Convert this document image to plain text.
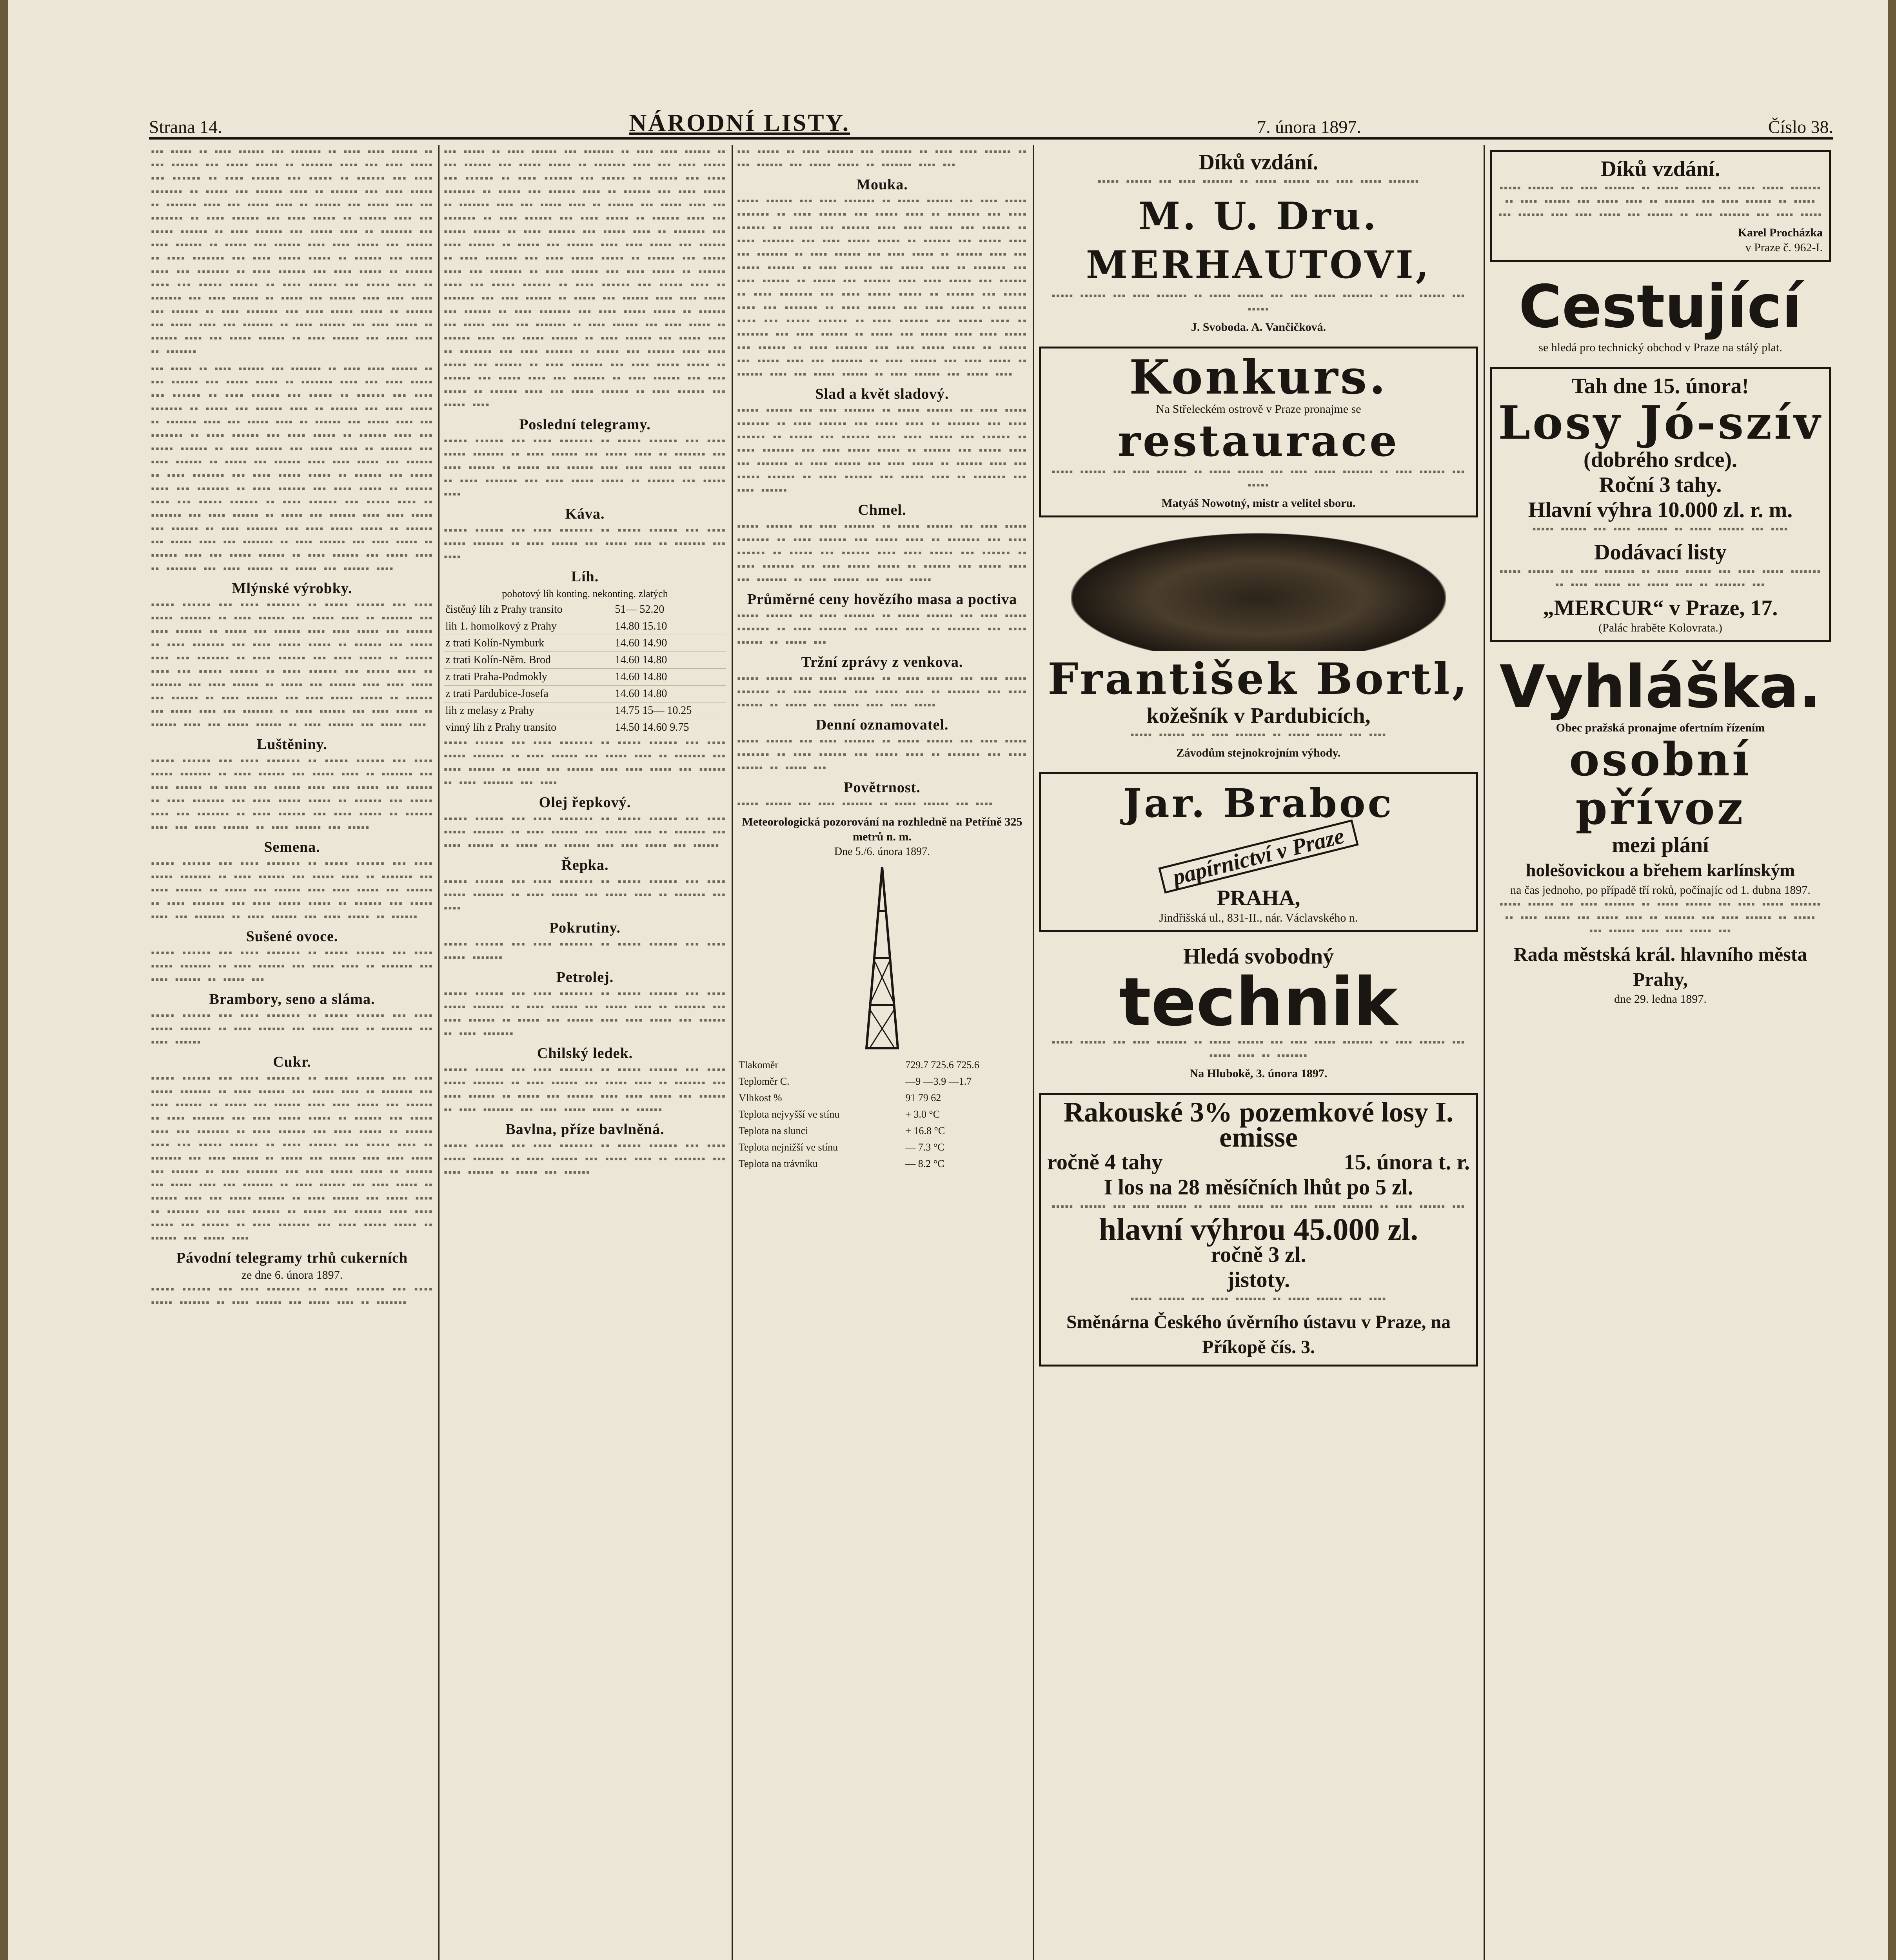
Strana 14.	NÁRODNÍ LISTY.	7. února 1897.	Číslo 38.
▪▪▪ ▪▪▪▪▪ ▪▪ ▪▪▪▪ ▪▪▪▪▪▪ ▪▪▪ ▪▪▪▪▪▪▪ ▪▪ ▪▪▪▪ ▪▪▪▪ ▪▪▪▪▪▪ ▪▪ ▪▪▪ ▪▪▪▪▪▪ ▪▪▪ ▪▪▪▪▪ ▪▪▪▪▪ ▪▪ ▪▪▪▪▪▪▪ ▪▪▪▪ ▪▪▪ ▪▪▪▪ ▪▪▪▪▪ ▪▪▪ ▪▪▪▪▪▪ ▪▪ ▪▪▪▪ ▪▪▪▪▪▪ ▪▪▪ ▪▪▪▪▪ ▪▪ ▪▪▪▪▪▪ ▪▪▪ ▪▪▪▪ ▪▪▪▪▪▪▪ ▪▪ ▪▪▪▪▪ ▪▪▪ ▪▪▪▪▪▪ ▪▪▪▪ ▪▪ ▪▪▪▪▪▪ ▪▪▪ ▪▪▪▪ ▪▪▪▪▪ ▪▪ ▪▪▪▪▪▪▪ ▪▪▪▪ ▪▪▪ ▪▪▪▪▪ ▪▪▪▪ ▪▪ ▪▪▪▪▪▪ ▪▪▪ ▪▪▪▪▪ ▪▪▪▪ ▪▪▪ ▪▪▪▪▪▪▪ ▪▪ ▪▪▪▪ ▪▪▪▪▪▪ ▪▪▪ ▪▪▪▪ ▪▪▪▪▪ ▪▪ ▪▪▪▪▪▪ ▪▪▪▪ ▪▪▪ ▪▪▪▪▪ ▪▪▪▪▪▪ ▪▪ ▪▪▪▪ ▪▪▪▪▪▪ ▪▪▪ ▪▪▪▪▪ ▪▪▪▪ ▪▪ ▪▪▪▪▪▪▪ ▪▪▪ ▪▪▪▪ ▪▪▪▪▪▪ ▪▪ ▪▪▪▪▪ ▪▪▪ ▪▪▪▪▪▪ ▪▪▪▪ ▪▪▪▪ ▪▪▪▪▪ ▪▪▪ ▪▪▪▪▪▪ ▪▪ ▪▪▪▪ ▪▪▪▪▪▪▪ ▪▪▪ ▪▪▪▪ ▪▪▪▪▪ ▪▪▪▪▪ ▪▪ ▪▪▪▪▪▪ ▪▪▪ ▪▪▪▪▪ ▪▪▪▪ ▪▪▪ ▪▪▪▪▪▪▪ ▪▪ ▪▪▪▪ ▪▪▪▪▪▪ ▪▪▪ ▪▪▪▪ ▪▪▪▪▪ ▪▪ ▪▪▪▪▪▪ ▪▪▪▪ ▪▪▪ ▪▪▪▪▪ ▪▪▪▪▪▪ ▪▪ ▪▪▪▪ ▪▪▪▪▪▪ ▪▪▪ ▪▪▪▪▪ ▪▪▪▪ ▪▪ ▪▪▪▪▪▪▪ ▪▪▪ ▪▪▪▪ ▪▪▪▪▪▪ ▪▪ ▪▪▪▪▪ ▪▪▪ ▪▪▪▪▪▪ ▪▪▪▪ ▪▪▪▪ ▪▪▪▪▪ ▪▪▪ ▪▪▪▪▪▪ ▪▪ ▪▪▪▪ ▪▪▪▪▪▪▪ ▪▪▪ ▪▪▪▪ ▪▪▪▪▪ ▪▪▪▪▪ ▪▪ ▪▪▪▪▪▪ ▪▪▪ ▪▪▪▪▪ ▪▪▪▪ ▪▪▪ ▪▪▪▪▪▪▪ ▪▪ ▪▪▪▪ ▪▪▪▪▪▪ ▪▪▪ ▪▪▪▪ ▪▪▪▪▪ ▪▪ ▪▪▪▪▪▪ ▪▪▪▪ ▪▪▪ ▪▪▪▪▪ ▪▪▪▪▪▪ ▪▪ ▪▪▪▪ ▪▪▪▪▪▪ ▪▪▪ ▪▪▪▪▪ ▪▪▪▪ ▪▪ ▪▪▪▪▪▪▪
▪▪▪ ▪▪▪▪▪ ▪▪ ▪▪▪▪ ▪▪▪▪▪▪ ▪▪▪ ▪▪▪▪▪▪▪ ▪▪ ▪▪▪▪ ▪▪▪▪ ▪▪▪▪▪▪ ▪▪ ▪▪▪ ▪▪▪▪▪▪ ▪▪▪ ▪▪▪▪▪ ▪▪▪▪▪ ▪▪ ▪▪▪▪▪▪▪ ▪▪▪▪ ▪▪▪ ▪▪▪▪ ▪▪▪▪▪ ▪▪▪ ▪▪▪▪▪▪ ▪▪ ▪▪▪▪ ▪▪▪▪▪▪ ▪▪▪ ▪▪▪▪▪ ▪▪ ▪▪▪▪▪▪ ▪▪▪ ▪▪▪▪ ▪▪▪▪▪▪▪ ▪▪ ▪▪▪▪▪ ▪▪▪ ▪▪▪▪▪▪ ▪▪▪▪ ▪▪ ▪▪▪▪▪▪ ▪▪▪ ▪▪▪▪ ▪▪▪▪▪ ▪▪ ▪▪▪▪▪▪▪ ▪▪▪▪ ▪▪▪ ▪▪▪▪▪ ▪▪▪▪ ▪▪ ▪▪▪▪▪▪ ▪▪▪ ▪▪▪▪▪ ▪▪▪▪ ▪▪▪ ▪▪▪▪▪▪▪ ▪▪ ▪▪▪▪ ▪▪▪▪▪▪ ▪▪▪ ▪▪▪▪ ▪▪▪▪▪ ▪▪ ▪▪▪▪▪▪ ▪▪▪▪ ▪▪▪ ▪▪▪▪▪ ▪▪▪▪▪▪ ▪▪ ▪▪▪▪ ▪▪▪▪▪▪ ▪▪▪ ▪▪▪▪▪ ▪▪▪▪ ▪▪ ▪▪▪▪▪▪▪ ▪▪▪ ▪▪▪▪ ▪▪▪▪▪▪ ▪▪ ▪▪▪▪▪ ▪▪▪ ▪▪▪▪▪▪ ▪▪▪▪ ▪▪▪▪ ▪▪▪▪▪ ▪▪▪ ▪▪▪▪▪▪ ▪▪ ▪▪▪▪ ▪▪▪▪▪▪▪ ▪▪▪ ▪▪▪▪ ▪▪▪▪▪ ▪▪▪▪▪ ▪▪ ▪▪▪▪▪▪ ▪▪▪ ▪▪▪▪▪ ▪▪▪▪ ▪▪▪ ▪▪▪▪▪▪▪ ▪▪ ▪▪▪▪ ▪▪▪▪▪▪ ▪▪▪ ▪▪▪▪ ▪▪▪▪▪ ▪▪ ▪▪▪▪▪▪ ▪▪▪▪ ▪▪▪ ▪▪▪▪▪ ▪▪▪▪▪▪ ▪▪ ▪▪▪▪ ▪▪▪▪▪▪ ▪▪▪ ▪▪▪▪▪ ▪▪▪▪ ▪▪ ▪▪▪▪▪▪▪ ▪▪▪ ▪▪▪▪ ▪▪▪▪▪▪ ▪▪ ▪▪▪▪▪ ▪▪▪ ▪▪▪▪▪▪ ▪▪▪▪ ▪▪▪▪ ▪▪▪▪▪ ▪▪▪ ▪▪▪▪▪▪ ▪▪ ▪▪▪▪ ▪▪▪▪▪▪▪ ▪▪▪ ▪▪▪▪ ▪▪▪▪▪ ▪▪▪▪▪ ▪▪ ▪▪▪▪▪▪ ▪▪▪ ▪▪▪▪▪ ▪▪▪▪ ▪▪▪ ▪▪▪▪▪▪▪ ▪▪ ▪▪▪▪ ▪▪▪▪▪▪ ▪▪▪ ▪▪▪▪ ▪▪▪▪▪ ▪▪ ▪▪▪▪▪▪ ▪▪▪▪ ▪▪▪ ▪▪▪▪▪ ▪▪▪▪▪▪ ▪▪ ▪▪▪▪ ▪▪▪▪▪▪ ▪▪▪ ▪▪▪▪▪ ▪▪▪▪ ▪▪ ▪▪▪▪▪▪▪ ▪▪▪ ▪▪▪▪ ▪▪▪▪▪▪ ▪▪ ▪▪▪▪▪ ▪▪▪ ▪▪▪▪▪▪ ▪▪▪▪
Mlýnské výrobky.
▪▪▪▪▪ ▪▪▪▪▪▪ ▪▪▪ ▪▪▪▪ ▪▪▪▪▪▪▪ ▪▪ ▪▪▪▪▪ ▪▪▪▪▪▪ ▪▪▪ ▪▪▪▪ ▪▪▪▪▪ ▪▪▪▪▪▪▪ ▪▪ ▪▪▪▪ ▪▪▪▪▪▪ ▪▪▪ ▪▪▪▪▪ ▪▪▪▪ ▪▪ ▪▪▪▪▪▪▪ ▪▪▪ ▪▪▪▪ ▪▪▪▪▪▪ ▪▪ ▪▪▪▪▪ ▪▪▪ ▪▪▪▪▪▪ ▪▪▪▪ ▪▪▪▪ ▪▪▪▪▪ ▪▪▪ ▪▪▪▪▪▪ ▪▪ ▪▪▪▪ ▪▪▪▪▪▪▪ ▪▪▪ ▪▪▪▪ ▪▪▪▪▪ ▪▪▪▪▪ ▪▪ ▪▪▪▪▪▪ ▪▪▪ ▪▪▪▪▪ ▪▪▪▪ ▪▪▪ ▪▪▪▪▪▪▪ ▪▪ ▪▪▪▪ ▪▪▪▪▪▪ ▪▪▪ ▪▪▪▪ ▪▪▪▪▪ ▪▪ ▪▪▪▪▪▪ ▪▪▪▪ ▪▪▪ ▪▪▪▪▪ ▪▪▪▪▪▪ ▪▪ ▪▪▪▪ ▪▪▪▪▪▪ ▪▪▪ ▪▪▪▪▪ ▪▪▪▪ ▪▪ ▪▪▪▪▪▪▪ ▪▪▪ ▪▪▪▪ ▪▪▪▪▪▪ ▪▪ ▪▪▪▪▪ ▪▪▪ ▪▪▪▪▪▪ ▪▪▪▪ ▪▪▪▪ ▪▪▪▪▪ ▪▪▪ ▪▪▪▪▪▪ ▪▪ ▪▪▪▪ ▪▪▪▪▪▪▪ ▪▪▪ ▪▪▪▪ ▪▪▪▪▪ ▪▪▪▪▪ ▪▪ ▪▪▪▪▪▪ ▪▪▪ ▪▪▪▪▪ ▪▪▪▪ ▪▪▪ ▪▪▪▪▪▪▪ ▪▪ ▪▪▪▪ ▪▪▪▪▪▪ ▪▪▪ ▪▪▪▪ ▪▪▪▪▪ ▪▪ ▪▪▪▪▪▪ ▪▪▪▪ ▪▪▪ ▪▪▪▪▪ ▪▪▪▪▪▪ ▪▪ ▪▪▪▪ ▪▪▪▪▪▪ ▪▪▪ ▪▪▪▪▪ ▪▪▪▪
Luštěniny.
▪▪▪▪▪ ▪▪▪▪▪▪ ▪▪▪ ▪▪▪▪ ▪▪▪▪▪▪▪ ▪▪ ▪▪▪▪▪ ▪▪▪▪▪▪ ▪▪▪ ▪▪▪▪ ▪▪▪▪▪ ▪▪▪▪▪▪▪ ▪▪ ▪▪▪▪ ▪▪▪▪▪▪ ▪▪▪ ▪▪▪▪▪ ▪▪▪▪ ▪▪ ▪▪▪▪▪▪▪ ▪▪▪ ▪▪▪▪ ▪▪▪▪▪▪ ▪▪ ▪▪▪▪▪ ▪▪▪ ▪▪▪▪▪▪ ▪▪▪▪ ▪▪▪▪ ▪▪▪▪▪ ▪▪▪ ▪▪▪▪▪▪ ▪▪ ▪▪▪▪ ▪▪▪▪▪▪▪ ▪▪▪ ▪▪▪▪ ▪▪▪▪▪ ▪▪▪▪▪ ▪▪ ▪▪▪▪▪▪ ▪▪▪ ▪▪▪▪▪ ▪▪▪▪ ▪▪▪ ▪▪▪▪▪▪▪ ▪▪ ▪▪▪▪ ▪▪▪▪▪▪ ▪▪▪ ▪▪▪▪ ▪▪▪▪▪ ▪▪ ▪▪▪▪▪▪ ▪▪▪▪ ▪▪▪ ▪▪▪▪▪ ▪▪▪▪▪▪ ▪▪ ▪▪▪▪ ▪▪▪▪▪▪ ▪▪▪ ▪▪▪▪▪
Semena.
▪▪▪▪▪ ▪▪▪▪▪▪ ▪▪▪ ▪▪▪▪ ▪▪▪▪▪▪▪ ▪▪ ▪▪▪▪▪ ▪▪▪▪▪▪ ▪▪▪ ▪▪▪▪ ▪▪▪▪▪ ▪▪▪▪▪▪▪ ▪▪ ▪▪▪▪ ▪▪▪▪▪▪ ▪▪▪ ▪▪▪▪▪ ▪▪▪▪ ▪▪ ▪▪▪▪▪▪▪ ▪▪▪ ▪▪▪▪ ▪▪▪▪▪▪ ▪▪ ▪▪▪▪▪ ▪▪▪ ▪▪▪▪▪▪ ▪▪▪▪ ▪▪▪▪ ▪▪▪▪▪ ▪▪▪ ▪▪▪▪▪▪ ▪▪ ▪▪▪▪ ▪▪▪▪▪▪▪ ▪▪▪ ▪▪▪▪ ▪▪▪▪▪ ▪▪▪▪▪ ▪▪ ▪▪▪▪▪▪ ▪▪▪ ▪▪▪▪▪ ▪▪▪▪ ▪▪▪ ▪▪▪▪▪▪▪ ▪▪ ▪▪▪▪ ▪▪▪▪▪▪ ▪▪▪ ▪▪▪▪ ▪▪▪▪▪ ▪▪ ▪▪▪▪▪▪
Sušené ovoce.
▪▪▪▪▪ ▪▪▪▪▪▪ ▪▪▪ ▪▪▪▪ ▪▪▪▪▪▪▪ ▪▪ ▪▪▪▪▪ ▪▪▪▪▪▪ ▪▪▪ ▪▪▪▪ ▪▪▪▪▪ ▪▪▪▪▪▪▪ ▪▪ ▪▪▪▪ ▪▪▪▪▪▪ ▪▪▪ ▪▪▪▪▪ ▪▪▪▪ ▪▪ ▪▪▪▪▪▪▪ ▪▪▪ ▪▪▪▪ ▪▪▪▪▪▪ ▪▪ ▪▪▪▪▪ ▪▪▪
Brambory, seno a sláma.
▪▪▪▪▪ ▪▪▪▪▪▪ ▪▪▪ ▪▪▪▪ ▪▪▪▪▪▪▪ ▪▪ ▪▪▪▪▪ ▪▪▪▪▪▪ ▪▪▪ ▪▪▪▪ ▪▪▪▪▪ ▪▪▪▪▪▪▪ ▪▪ ▪▪▪▪ ▪▪▪▪▪▪ ▪▪▪ ▪▪▪▪▪ ▪▪▪▪ ▪▪ ▪▪▪▪▪▪▪ ▪▪▪ ▪▪▪▪ ▪▪▪▪▪▪
Cukr.
▪▪▪▪▪ ▪▪▪▪▪▪ ▪▪▪ ▪▪▪▪ ▪▪▪▪▪▪▪ ▪▪ ▪▪▪▪▪ ▪▪▪▪▪▪ ▪▪▪ ▪▪▪▪ ▪▪▪▪▪ ▪▪▪▪▪▪▪ ▪▪ ▪▪▪▪ ▪▪▪▪▪▪ ▪▪▪ ▪▪▪▪▪ ▪▪▪▪ ▪▪ ▪▪▪▪▪▪▪ ▪▪▪ ▪▪▪▪ ▪▪▪▪▪▪ ▪▪ ▪▪▪▪▪ ▪▪▪ ▪▪▪▪▪▪ ▪▪▪▪ ▪▪▪▪ ▪▪▪▪▪ ▪▪▪ ▪▪▪▪▪▪ ▪▪ ▪▪▪▪ ▪▪▪▪▪▪▪ ▪▪▪ ▪▪▪▪ ▪▪▪▪▪ ▪▪▪▪▪ ▪▪ ▪▪▪▪▪▪ ▪▪▪ ▪▪▪▪▪ ▪▪▪▪ ▪▪▪ ▪▪▪▪▪▪▪ ▪▪ ▪▪▪▪ ▪▪▪▪▪▪ ▪▪▪ ▪▪▪▪ ▪▪▪▪▪ ▪▪ ▪▪▪▪▪▪ ▪▪▪▪ ▪▪▪ ▪▪▪▪▪ ▪▪▪▪▪▪ ▪▪ ▪▪▪▪ ▪▪▪▪▪▪ ▪▪▪ ▪▪▪▪▪ ▪▪▪▪ ▪▪ ▪▪▪▪▪▪▪ ▪▪▪ ▪▪▪▪ ▪▪▪▪▪▪ ▪▪ ▪▪▪▪▪ ▪▪▪ ▪▪▪▪▪▪ ▪▪▪▪ ▪▪▪▪ ▪▪▪▪▪ ▪▪▪ ▪▪▪▪▪▪ ▪▪ ▪▪▪▪ ▪▪▪▪▪▪▪ ▪▪▪ ▪▪▪▪ ▪▪▪▪▪ ▪▪▪▪▪ ▪▪ ▪▪▪▪▪▪ ▪▪▪ ▪▪▪▪▪ ▪▪▪▪ ▪▪▪ ▪▪▪▪▪▪▪ ▪▪ ▪▪▪▪ ▪▪▪▪▪▪ ▪▪▪ ▪▪▪▪ ▪▪▪▪▪ ▪▪ ▪▪▪▪▪▪ ▪▪▪▪ ▪▪▪ ▪▪▪▪▪ ▪▪▪▪▪▪ ▪▪ ▪▪▪▪ ▪▪▪▪▪▪ ▪▪▪ ▪▪▪▪▪ ▪▪▪▪ ▪▪ ▪▪▪▪▪▪▪ ▪▪▪ ▪▪▪▪ ▪▪▪▪▪▪ ▪▪ ▪▪▪▪▪ ▪▪▪ ▪▪▪▪▪▪ ▪▪▪▪ ▪▪▪▪ ▪▪▪▪▪ ▪▪▪ ▪▪▪▪▪▪ ▪▪ ▪▪▪▪ ▪▪▪▪▪▪▪ ▪▪▪ ▪▪▪▪ ▪▪▪▪▪ ▪▪▪▪▪ ▪▪ ▪▪▪▪▪▪ ▪▪▪ ▪▪▪▪▪ ▪▪▪▪
Pávodní telegramy trhů cukerních
ze dne 6. února 1897.
▪▪▪▪▪ ▪▪▪▪▪▪ ▪▪▪ ▪▪▪▪ ▪▪▪▪▪▪▪ ▪▪ ▪▪▪▪▪ ▪▪▪▪▪▪ ▪▪▪ ▪▪▪▪ ▪▪▪▪▪ ▪▪▪▪▪▪▪ ▪▪ ▪▪▪▪ ▪▪▪▪▪▪ ▪▪▪ ▪▪▪▪▪ ▪▪▪▪ ▪▪ ▪▪▪▪▪▪▪
▪▪▪ ▪▪▪▪▪ ▪▪ ▪▪▪▪ ▪▪▪▪▪▪ ▪▪▪ ▪▪▪▪▪▪▪ ▪▪ ▪▪▪▪ ▪▪▪▪ ▪▪▪▪▪▪ ▪▪ ▪▪▪ ▪▪▪▪▪▪ ▪▪▪ ▪▪▪▪▪ ▪▪▪▪▪ ▪▪ ▪▪▪▪▪▪▪ ▪▪▪▪ ▪▪▪ ▪▪▪▪ ▪▪▪▪▪ ▪▪▪ ▪▪▪▪▪▪ ▪▪ ▪▪▪▪ ▪▪▪▪▪▪ ▪▪▪ ▪▪▪▪▪ ▪▪ ▪▪▪▪▪▪ ▪▪▪ ▪▪▪▪ ▪▪▪▪▪▪▪ ▪▪ ▪▪▪▪▪ ▪▪▪ ▪▪▪▪▪▪ ▪▪▪▪ ▪▪ ▪▪▪▪▪▪ ▪▪▪ ▪▪▪▪ ▪▪▪▪▪ ▪▪ ▪▪▪▪▪▪▪ ▪▪▪▪ ▪▪▪ ▪▪▪▪▪ ▪▪▪▪ ▪▪ ▪▪▪▪▪▪ ▪▪▪ ▪▪▪▪▪ ▪▪▪▪ ▪▪▪ ▪▪▪▪▪▪▪ ▪▪ ▪▪▪▪ ▪▪▪▪▪▪ ▪▪▪ ▪▪▪▪ ▪▪▪▪▪ ▪▪ ▪▪▪▪▪▪ ▪▪▪▪ ▪▪▪ ▪▪▪▪▪ ▪▪▪▪▪▪ ▪▪ ▪▪▪▪ ▪▪▪▪▪▪ ▪▪▪ ▪▪▪▪▪ ▪▪▪▪ ▪▪ ▪▪▪▪▪▪▪ ▪▪▪ ▪▪▪▪ ▪▪▪▪▪▪ ▪▪ ▪▪▪▪▪ ▪▪▪ ▪▪▪▪▪▪ ▪▪▪▪ ▪▪▪▪ ▪▪▪▪▪ ▪▪▪ ▪▪▪▪▪▪ ▪▪ ▪▪▪▪ ▪▪▪▪▪▪▪ ▪▪▪ ▪▪▪▪ ▪▪▪▪▪ ▪▪▪▪▪ ▪▪ ▪▪▪▪▪▪ ▪▪▪ ▪▪▪▪▪ ▪▪▪▪ ▪▪▪ ▪▪▪▪▪▪▪ ▪▪ ▪▪▪▪ ▪▪▪▪▪▪ ▪▪▪ ▪▪▪▪ ▪▪▪▪▪ ▪▪ ▪▪▪▪▪▪ ▪▪▪▪ ▪▪▪ ▪▪▪▪▪ ▪▪▪▪▪▪ ▪▪ ▪▪▪▪ ▪▪▪▪▪▪ ▪▪▪ ▪▪▪▪▪ ▪▪▪▪ ▪▪ ▪▪▪▪▪▪▪ ▪▪▪ ▪▪▪▪ ▪▪▪▪▪▪ ▪▪ ▪▪▪▪▪ ▪▪▪ ▪▪▪▪▪▪ ▪▪▪▪ ▪▪▪▪ ▪▪▪▪▪ ▪▪▪ ▪▪▪▪▪▪ ▪▪ ▪▪▪▪ ▪▪▪▪▪▪▪ ▪▪▪ ▪▪▪▪ ▪▪▪▪▪ ▪▪▪▪▪ ▪▪ ▪▪▪▪▪▪ ▪▪▪ ▪▪▪▪▪ ▪▪▪▪ ▪▪▪ ▪▪▪▪▪▪▪ ▪▪ ▪▪▪▪ ▪▪▪▪▪▪ ▪▪▪ ▪▪▪▪ ▪▪▪▪▪ ▪▪ ▪▪▪▪▪▪ ▪▪▪▪ ▪▪▪ ▪▪▪▪▪ ▪▪▪▪▪▪ ▪▪ ▪▪▪▪ ▪▪▪▪▪▪ ▪▪▪ ▪▪▪▪▪ ▪▪▪▪ ▪▪ ▪▪▪▪▪▪▪ ▪▪▪ ▪▪▪▪ ▪▪▪▪▪▪ ▪▪ ▪▪▪▪▪ ▪▪▪ ▪▪▪▪▪▪ ▪▪▪▪ ▪▪▪▪ ▪▪▪▪▪ ▪▪▪ ▪▪▪▪▪▪ ▪▪ ▪▪▪▪ ▪▪▪▪▪▪▪ ▪▪▪ ▪▪▪▪ ▪▪▪▪▪ ▪▪▪▪▪ ▪▪ ▪▪▪▪▪▪ ▪▪▪ ▪▪▪▪▪ ▪▪▪▪ ▪▪▪ ▪▪▪▪▪▪▪ ▪▪ ▪▪▪▪ ▪▪▪▪▪▪ ▪▪▪ ▪▪▪▪ ▪▪▪▪▪ ▪▪ ▪▪▪▪▪▪ ▪▪▪▪ ▪▪▪ ▪▪▪▪▪ ▪▪▪▪▪▪ ▪▪ ▪▪▪▪ ▪▪▪▪▪▪ ▪▪▪ ▪▪▪▪▪ ▪▪▪▪
Poslední telegramy.
▪▪▪▪▪ ▪▪▪▪▪▪ ▪▪▪ ▪▪▪▪ ▪▪▪▪▪▪▪ ▪▪ ▪▪▪▪▪ ▪▪▪▪▪▪ ▪▪▪ ▪▪▪▪ ▪▪▪▪▪ ▪▪▪▪▪▪▪ ▪▪ ▪▪▪▪ ▪▪▪▪▪▪ ▪▪▪ ▪▪▪▪▪ ▪▪▪▪ ▪▪ ▪▪▪▪▪▪▪ ▪▪▪ ▪▪▪▪ ▪▪▪▪▪▪ ▪▪ ▪▪▪▪▪ ▪▪▪ ▪▪▪▪▪▪ ▪▪▪▪ ▪▪▪▪ ▪▪▪▪▪ ▪▪▪ ▪▪▪▪▪▪ ▪▪ ▪▪▪▪ ▪▪▪▪▪▪▪ ▪▪▪ ▪▪▪▪ ▪▪▪▪▪ ▪▪▪▪▪ ▪▪ ▪▪▪▪▪▪ ▪▪▪ ▪▪▪▪▪ ▪▪▪▪
Káva.
▪▪▪▪▪ ▪▪▪▪▪▪ ▪▪▪ ▪▪▪▪ ▪▪▪▪▪▪▪ ▪▪ ▪▪▪▪▪ ▪▪▪▪▪▪ ▪▪▪ ▪▪▪▪ ▪▪▪▪▪ ▪▪▪▪▪▪▪ ▪▪ ▪▪▪▪ ▪▪▪▪▪▪ ▪▪▪ ▪▪▪▪▪ ▪▪▪▪ ▪▪ ▪▪▪▪▪▪▪ ▪▪▪ ▪▪▪▪
Líh.
pohotový líh konting. nekonting. zlatých
čistěný líh z Prahy transito	51— 52.20
lih 1. homolkový z Prahy	14.80 15.10
z trati Kolín-Nymburk	14.60 14.90
z trati Kolín-Něm. Brod	14.60 14.80
z trati Praha-Podmokly	14.60 14.80
z trati Pardubice-Josefa	14.60 14.80
lih z melasy z Prahy	14.75 15— 10.25
vinný líh z Prahy transito	14.50 14.60 9.75
▪▪▪▪▪ ▪▪▪▪▪▪ ▪▪▪ ▪▪▪▪ ▪▪▪▪▪▪▪ ▪▪ ▪▪▪▪▪ ▪▪▪▪▪▪ ▪▪▪ ▪▪▪▪ ▪▪▪▪▪ ▪▪▪▪▪▪▪ ▪▪ ▪▪▪▪ ▪▪▪▪▪▪ ▪▪▪ ▪▪▪▪▪ ▪▪▪▪ ▪▪ ▪▪▪▪▪▪▪ ▪▪▪ ▪▪▪▪ ▪▪▪▪▪▪ ▪▪ ▪▪▪▪▪ ▪▪▪ ▪▪▪▪▪▪ ▪▪▪▪ ▪▪▪▪ ▪▪▪▪▪ ▪▪▪ ▪▪▪▪▪▪ ▪▪ ▪▪▪▪ ▪▪▪▪▪▪▪ ▪▪▪ ▪▪▪▪
Olej řepkový.
▪▪▪▪▪ ▪▪▪▪▪▪ ▪▪▪ ▪▪▪▪ ▪▪▪▪▪▪▪ ▪▪ ▪▪▪▪▪ ▪▪▪▪▪▪ ▪▪▪ ▪▪▪▪ ▪▪▪▪▪ ▪▪▪▪▪▪▪ ▪▪ ▪▪▪▪ ▪▪▪▪▪▪ ▪▪▪ ▪▪▪▪▪ ▪▪▪▪ ▪▪ ▪▪▪▪▪▪▪ ▪▪▪ ▪▪▪▪ ▪▪▪▪▪▪ ▪▪ ▪▪▪▪▪ ▪▪▪ ▪▪▪▪▪▪ ▪▪▪▪ ▪▪▪▪ ▪▪▪▪▪ ▪▪▪ ▪▪▪▪▪▪
Řepka.
▪▪▪▪▪ ▪▪▪▪▪▪ ▪▪▪ ▪▪▪▪ ▪▪▪▪▪▪▪ ▪▪ ▪▪▪▪▪ ▪▪▪▪▪▪ ▪▪▪ ▪▪▪▪ ▪▪▪▪▪ ▪▪▪▪▪▪▪ ▪▪ ▪▪▪▪ ▪▪▪▪▪▪ ▪▪▪ ▪▪▪▪▪ ▪▪▪▪ ▪▪ ▪▪▪▪▪▪▪ ▪▪▪ ▪▪▪▪
Pokrutiny.
▪▪▪▪▪ ▪▪▪▪▪▪ ▪▪▪ ▪▪▪▪ ▪▪▪▪▪▪▪ ▪▪ ▪▪▪▪▪ ▪▪▪▪▪▪ ▪▪▪ ▪▪▪▪ ▪▪▪▪▪ ▪▪▪▪▪▪▪
Petrolej.
▪▪▪▪▪ ▪▪▪▪▪▪ ▪▪▪ ▪▪▪▪ ▪▪▪▪▪▪▪ ▪▪ ▪▪▪▪▪ ▪▪▪▪▪▪ ▪▪▪ ▪▪▪▪ ▪▪▪▪▪ ▪▪▪▪▪▪▪ ▪▪ ▪▪▪▪ ▪▪▪▪▪▪ ▪▪▪ ▪▪▪▪▪ ▪▪▪▪ ▪▪ ▪▪▪▪▪▪▪ ▪▪▪ ▪▪▪▪ ▪▪▪▪▪▪ ▪▪ ▪▪▪▪▪ ▪▪▪ ▪▪▪▪▪▪ ▪▪▪▪ ▪▪▪▪ ▪▪▪▪▪ ▪▪▪ ▪▪▪▪▪▪ ▪▪ ▪▪▪▪ ▪▪▪▪▪▪▪
Chilský ledek.
▪▪▪▪▪ ▪▪▪▪▪▪ ▪▪▪ ▪▪▪▪ ▪▪▪▪▪▪▪ ▪▪ ▪▪▪▪▪ ▪▪▪▪▪▪ ▪▪▪ ▪▪▪▪ ▪▪▪▪▪ ▪▪▪▪▪▪▪ ▪▪ ▪▪▪▪ ▪▪▪▪▪▪ ▪▪▪ ▪▪▪▪▪ ▪▪▪▪ ▪▪ ▪▪▪▪▪▪▪ ▪▪▪ ▪▪▪▪ ▪▪▪▪▪▪ ▪▪ ▪▪▪▪▪ ▪▪▪ ▪▪▪▪▪▪ ▪▪▪▪ ▪▪▪▪ ▪▪▪▪▪ ▪▪▪ ▪▪▪▪▪▪ ▪▪ ▪▪▪▪ ▪▪▪▪▪▪▪ ▪▪▪ ▪▪▪▪ ▪▪▪▪▪ ▪▪▪▪▪ ▪▪ ▪▪▪▪▪▪
Bavlna, příze bavlněná.
▪▪▪▪▪ ▪▪▪▪▪▪ ▪▪▪ ▪▪▪▪ ▪▪▪▪▪▪▪ ▪▪ ▪▪▪▪▪ ▪▪▪▪▪▪ ▪▪▪ ▪▪▪▪ ▪▪▪▪▪ ▪▪▪▪▪▪▪ ▪▪ ▪▪▪▪ ▪▪▪▪▪▪ ▪▪▪ ▪▪▪▪▪ ▪▪▪▪ ▪▪ ▪▪▪▪▪▪▪ ▪▪▪ ▪▪▪▪ ▪▪▪▪▪▪ ▪▪ ▪▪▪▪▪ ▪▪▪ ▪▪▪▪▪▪
▪▪▪ ▪▪▪▪▪ ▪▪ ▪▪▪▪ ▪▪▪▪▪▪ ▪▪▪ ▪▪▪▪▪▪▪ ▪▪ ▪▪▪▪ ▪▪▪▪ ▪▪▪▪▪▪ ▪▪ ▪▪▪ ▪▪▪▪▪▪ ▪▪▪ ▪▪▪▪▪ ▪▪▪▪▪ ▪▪ ▪▪▪▪▪▪▪ ▪▪▪▪ ▪▪▪
Mouka.
▪▪▪▪▪ ▪▪▪▪▪▪ ▪▪▪ ▪▪▪▪ ▪▪▪▪▪▪▪ ▪▪ ▪▪▪▪▪ ▪▪▪▪▪▪ ▪▪▪ ▪▪▪▪ ▪▪▪▪▪ ▪▪▪▪▪▪▪ ▪▪ ▪▪▪▪ ▪▪▪▪▪▪ ▪▪▪ ▪▪▪▪▪ ▪▪▪▪ ▪▪ ▪▪▪▪▪▪▪ ▪▪▪ ▪▪▪▪ ▪▪▪▪▪▪ ▪▪ ▪▪▪▪▪ ▪▪▪ ▪▪▪▪▪▪ ▪▪▪▪ ▪▪▪▪ ▪▪▪▪▪ ▪▪▪ ▪▪▪▪▪▪ ▪▪ ▪▪▪▪ ▪▪▪▪▪▪▪ ▪▪▪ ▪▪▪▪ ▪▪▪▪▪ ▪▪▪▪▪ ▪▪ ▪▪▪▪▪▪ ▪▪▪ ▪▪▪▪▪ ▪▪▪▪ ▪▪▪ ▪▪▪▪▪▪▪ ▪▪ ▪▪▪▪ ▪▪▪▪▪▪ ▪▪▪ ▪▪▪▪ ▪▪▪▪▪ ▪▪ ▪▪▪▪▪▪ ▪▪▪▪ ▪▪▪ ▪▪▪▪▪ ▪▪▪▪▪▪ ▪▪ ▪▪▪▪ ▪▪▪▪▪▪ ▪▪▪ ▪▪▪▪▪ ▪▪▪▪ ▪▪ ▪▪▪▪▪▪▪ ▪▪▪ ▪▪▪▪ ▪▪▪▪▪▪ ▪▪ ▪▪▪▪▪ ▪▪▪ ▪▪▪▪▪▪ ▪▪▪▪ ▪▪▪▪ ▪▪▪▪▪ ▪▪▪ ▪▪▪▪▪▪ ▪▪ ▪▪▪▪ ▪▪▪▪▪▪▪ ▪▪▪ ▪▪▪▪ ▪▪▪▪▪ ▪▪▪▪▪ ▪▪ ▪▪▪▪▪▪ ▪▪▪ ▪▪▪▪▪ ▪▪▪▪ ▪▪▪ ▪▪▪▪▪▪▪ ▪▪ ▪▪▪▪ ▪▪▪▪▪▪ ▪▪▪ ▪▪▪▪ ▪▪▪▪▪ ▪▪ ▪▪▪▪▪▪ ▪▪▪▪ ▪▪▪ ▪▪▪▪▪ ▪▪▪▪▪▪ ▪▪ ▪▪▪▪ ▪▪▪▪▪▪ ▪▪▪ ▪▪▪▪▪ ▪▪▪▪ ▪▪ ▪▪▪▪▪▪▪ ▪▪▪ ▪▪▪▪ ▪▪▪▪▪▪ ▪▪ ▪▪▪▪▪ ▪▪▪ ▪▪▪▪▪▪ ▪▪▪▪ ▪▪▪▪ ▪▪▪▪▪ ▪▪▪ ▪▪▪▪▪▪ ▪▪ ▪▪▪▪ ▪▪▪▪▪▪▪ ▪▪▪ ▪▪▪▪ ▪▪▪▪▪ ▪▪▪▪▪ ▪▪ ▪▪▪▪▪▪ ▪▪▪ ▪▪▪▪▪ ▪▪▪▪ ▪▪▪ ▪▪▪▪▪▪▪ ▪▪ ▪▪▪▪ ▪▪▪▪▪▪ ▪▪▪ ▪▪▪▪ ▪▪▪▪▪ ▪▪ ▪▪▪▪▪▪ ▪▪▪▪ ▪▪▪ ▪▪▪▪▪ ▪▪▪▪▪▪ ▪▪ ▪▪▪▪ ▪▪▪▪▪▪ ▪▪▪ ▪▪▪▪▪ ▪▪▪▪
Slad a květ sladový.
▪▪▪▪▪ ▪▪▪▪▪▪ ▪▪▪ ▪▪▪▪ ▪▪▪▪▪▪▪ ▪▪ ▪▪▪▪▪ ▪▪▪▪▪▪ ▪▪▪ ▪▪▪▪ ▪▪▪▪▪ ▪▪▪▪▪▪▪ ▪▪ ▪▪▪▪ ▪▪▪▪▪▪ ▪▪▪ ▪▪▪▪▪ ▪▪▪▪ ▪▪ ▪▪▪▪▪▪▪ ▪▪▪ ▪▪▪▪ ▪▪▪▪▪▪ ▪▪ ▪▪▪▪▪ ▪▪▪ ▪▪▪▪▪▪ ▪▪▪▪ ▪▪▪▪ ▪▪▪▪▪ ▪▪▪ ▪▪▪▪▪▪ ▪▪ ▪▪▪▪ ▪▪▪▪▪▪▪ ▪▪▪ ▪▪▪▪ ▪▪▪▪▪ ▪▪▪▪▪ ▪▪ ▪▪▪▪▪▪ ▪▪▪ ▪▪▪▪▪ ▪▪▪▪ ▪▪▪ ▪▪▪▪▪▪▪ ▪▪ ▪▪▪▪ ▪▪▪▪▪▪ ▪▪▪ ▪▪▪▪ ▪▪▪▪▪ ▪▪ ▪▪▪▪▪▪ ▪▪▪▪ ▪▪▪ ▪▪▪▪▪ ▪▪▪▪▪▪ ▪▪ ▪▪▪▪ ▪▪▪▪▪▪ ▪▪▪ ▪▪▪▪▪ ▪▪▪▪ ▪▪ ▪▪▪▪▪▪▪ ▪▪▪ ▪▪▪▪ ▪▪▪▪▪▪
Chmel.
▪▪▪▪▪ ▪▪▪▪▪▪ ▪▪▪ ▪▪▪▪ ▪▪▪▪▪▪▪ ▪▪ ▪▪▪▪▪ ▪▪▪▪▪▪ ▪▪▪ ▪▪▪▪ ▪▪▪▪▪ ▪▪▪▪▪▪▪ ▪▪ ▪▪▪▪ ▪▪▪▪▪▪ ▪▪▪ ▪▪▪▪▪ ▪▪▪▪ ▪▪ ▪▪▪▪▪▪▪ ▪▪▪ ▪▪▪▪ ▪▪▪▪▪▪ ▪▪ ▪▪▪▪▪ ▪▪▪ ▪▪▪▪▪▪ ▪▪▪▪ ▪▪▪▪ ▪▪▪▪▪ ▪▪▪ ▪▪▪▪▪▪ ▪▪ ▪▪▪▪ ▪▪▪▪▪▪▪ ▪▪▪ ▪▪▪▪ ▪▪▪▪▪ ▪▪▪▪▪ ▪▪ ▪▪▪▪▪▪ ▪▪▪ ▪▪▪▪▪ ▪▪▪▪ ▪▪▪ ▪▪▪▪▪▪▪ ▪▪ ▪▪▪▪ ▪▪▪▪▪▪ ▪▪▪ ▪▪▪▪ ▪▪▪▪▪
Průměrné ceny hovězího masa a poctiva
▪▪▪▪▪ ▪▪▪▪▪▪ ▪▪▪ ▪▪▪▪ ▪▪▪▪▪▪▪ ▪▪ ▪▪▪▪▪ ▪▪▪▪▪▪ ▪▪▪ ▪▪▪▪ ▪▪▪▪▪ ▪▪▪▪▪▪▪ ▪▪ ▪▪▪▪ ▪▪▪▪▪▪ ▪▪▪ ▪▪▪▪▪ ▪▪▪▪ ▪▪ ▪▪▪▪▪▪▪ ▪▪▪ ▪▪▪▪ ▪▪▪▪▪▪ ▪▪ ▪▪▪▪▪ ▪▪▪
Tržní zprávy z venkova.
▪▪▪▪▪ ▪▪▪▪▪▪ ▪▪▪ ▪▪▪▪ ▪▪▪▪▪▪▪ ▪▪ ▪▪▪▪▪ ▪▪▪▪▪▪ ▪▪▪ ▪▪▪▪ ▪▪▪▪▪ ▪▪▪▪▪▪▪ ▪▪ ▪▪▪▪ ▪▪▪▪▪▪ ▪▪▪ ▪▪▪▪▪ ▪▪▪▪ ▪▪ ▪▪▪▪▪▪▪ ▪▪▪ ▪▪▪▪ ▪▪▪▪▪▪ ▪▪ ▪▪▪▪▪ ▪▪▪ ▪▪▪▪▪▪ ▪▪▪▪ ▪▪▪▪ ▪▪▪▪▪
Denní oznamovatel.
▪▪▪▪▪ ▪▪▪▪▪▪ ▪▪▪ ▪▪▪▪ ▪▪▪▪▪▪▪ ▪▪ ▪▪▪▪▪ ▪▪▪▪▪▪ ▪▪▪ ▪▪▪▪ ▪▪▪▪▪ ▪▪▪▪▪▪▪ ▪▪ ▪▪▪▪ ▪▪▪▪▪▪ ▪▪▪ ▪▪▪▪▪ ▪▪▪▪ ▪▪ ▪▪▪▪▪▪▪ ▪▪▪ ▪▪▪▪ ▪▪▪▪▪▪ ▪▪ ▪▪▪▪▪ ▪▪▪
Povětrnost.
▪▪▪▪▪ ▪▪▪▪▪▪ ▪▪▪ ▪▪▪▪ ▪▪▪▪▪▪▪ ▪▪ ▪▪▪▪▪ ▪▪▪▪▪▪ ▪▪▪ ▪▪▪▪
Meteorologická pozorování na rozhledně na Petříně 325 metrů n. m.
Dne 5./6. února 1897.
Tlakoměr	729.7 725.6 725.6
Teploměr C.	—9 —3.9 —1.7
Vlhkost %	91 79 62
Teplota nejvyšší ve stínu	+ 3.0 °C
Teplota na slunci	+ 16.8 °C
Teplota nejnižší ve stínu	— 7.3 °C
Teplota na trávníku	— 8.2 °C
Díků vzdání.
▪▪▪▪▪ ▪▪▪▪▪▪ ▪▪▪ ▪▪▪▪ ▪▪▪▪▪▪▪ ▪▪ ▪▪▪▪▪ ▪▪▪▪▪▪ ▪▪▪ ▪▪▪▪ ▪▪▪▪▪ ▪▪▪▪▪▪▪
M. U. Dru. MERHAUTOVI,
▪▪▪▪▪ ▪▪▪▪▪▪ ▪▪▪ ▪▪▪▪ ▪▪▪▪▪▪▪ ▪▪ ▪▪▪▪▪ ▪▪▪▪▪▪ ▪▪▪ ▪▪▪▪ ▪▪▪▪▪ ▪▪▪▪▪▪▪ ▪▪ ▪▪▪▪ ▪▪▪▪▪▪ ▪▪▪ ▪▪▪▪▪
J. Svoboda. A. Vančičková.
Konkurs.
Na Střeleckém ostrově v Praze pronajme se
restaurace
▪▪▪▪▪ ▪▪▪▪▪▪ ▪▪▪ ▪▪▪▪ ▪▪▪▪▪▪▪ ▪▪ ▪▪▪▪▪ ▪▪▪▪▪▪ ▪▪▪ ▪▪▪▪ ▪▪▪▪▪ ▪▪▪▪▪▪▪ ▪▪ ▪▪▪▪ ▪▪▪▪▪▪ ▪▪▪ ▪▪▪▪▪
Matyáš Nowotný, mistr a velitel sboru.
František Bortl,
kožešník v Pardubicích,
▪▪▪▪▪ ▪▪▪▪▪▪ ▪▪▪ ▪▪▪▪ ▪▪▪▪▪▪▪ ▪▪ ▪▪▪▪▪ ▪▪▪▪▪▪ ▪▪▪ ▪▪▪▪
Závodům stejnokrojním výhody.
Jar. Braboc
papírnictví v Praze
PRAHA,
Jindřišská ul., 831-II., nár. Václavského n.
Hledá svobodný
technik
▪▪▪▪▪ ▪▪▪▪▪▪ ▪▪▪ ▪▪▪▪ ▪▪▪▪▪▪▪ ▪▪ ▪▪▪▪▪ ▪▪▪▪▪▪ ▪▪▪ ▪▪▪▪ ▪▪▪▪▪ ▪▪▪▪▪▪▪ ▪▪ ▪▪▪▪ ▪▪▪▪▪▪ ▪▪▪ ▪▪▪▪▪ ▪▪▪▪ ▪▪ ▪▪▪▪▪▪▪
Na Hlubokě, 3. února 1897.
Rakouské 3% pozemkové losy I. emisse
ročně 4 tahy	15. února t. r.
I los na 28 měsíčních lhůt po 5 zl.
▪▪▪▪▪ ▪▪▪▪▪▪ ▪▪▪ ▪▪▪▪ ▪▪▪▪▪▪▪ ▪▪ ▪▪▪▪▪ ▪▪▪▪▪▪ ▪▪▪ ▪▪▪▪ ▪▪▪▪▪ ▪▪▪▪▪▪▪ ▪▪ ▪▪▪▪ ▪▪▪▪▪▪ ▪▪▪
hlavní výhrou 45.000 zl.
ročně 3 zl.
jistoty.
▪▪▪▪▪ ▪▪▪▪▪▪ ▪▪▪ ▪▪▪▪ ▪▪▪▪▪▪▪ ▪▪ ▪▪▪▪▪ ▪▪▪▪▪▪ ▪▪▪ ▪▪▪▪
Směnárna Českého úvěrního ústavu v Praze, na Příkopě čís. 3.
Díků vzdání.
▪▪▪▪▪ ▪▪▪▪▪▪ ▪▪▪ ▪▪▪▪ ▪▪▪▪▪▪▪ ▪▪ ▪▪▪▪▪ ▪▪▪▪▪▪ ▪▪▪ ▪▪▪▪ ▪▪▪▪▪ ▪▪▪▪▪▪▪ ▪▪ ▪▪▪▪ ▪▪▪▪▪▪ ▪▪▪ ▪▪▪▪▪ ▪▪▪▪ ▪▪ ▪▪▪▪▪▪▪ ▪▪▪ ▪▪▪▪ ▪▪▪▪▪▪ ▪▪ ▪▪▪▪▪ ▪▪▪ ▪▪▪▪▪▪ ▪▪▪▪ ▪▪▪▪ ▪▪▪▪▪ ▪▪▪ ▪▪▪▪▪▪ ▪▪ ▪▪▪▪ ▪▪▪▪▪▪▪ ▪▪▪ ▪▪▪▪ ▪▪▪▪▪
Karel Procházka
v Praze č. 962-I.
Cestující
se hledá pro technický obchod v Praze na stálý plat.
Tah dne 15. února!
Losy Jó-szív
(dobrého srdce).
Roční 3 tahy.
Hlavní výhra 10.000 zl. r. m.
▪▪▪▪▪ ▪▪▪▪▪▪ ▪▪▪ ▪▪▪▪ ▪▪▪▪▪▪▪ ▪▪ ▪▪▪▪▪ ▪▪▪▪▪▪ ▪▪▪ ▪▪▪▪
Dodávací listy
▪▪▪▪▪ ▪▪▪▪▪▪ ▪▪▪ ▪▪▪▪ ▪▪▪▪▪▪▪ ▪▪ ▪▪▪▪▪ ▪▪▪▪▪▪ ▪▪▪ ▪▪▪▪ ▪▪▪▪▪ ▪▪▪▪▪▪▪ ▪▪ ▪▪▪▪ ▪▪▪▪▪▪ ▪▪▪ ▪▪▪▪▪ ▪▪▪▪ ▪▪ ▪▪▪▪▪▪▪ ▪▪▪
„MERCUR“ v Praze, 17.
(Palác hraběte Kolovrata.)
Vyhláška.
Obec pražská pronajme ofertním řízením
osobní přívoz
mezi plání
holešovickou a břehem karlínským
na čas jednoho, po případě tří roků, počínajíc od 1. dubna 1897.
▪▪▪▪▪ ▪▪▪▪▪▪ ▪▪▪ ▪▪▪▪ ▪▪▪▪▪▪▪ ▪▪ ▪▪▪▪▪ ▪▪▪▪▪▪ ▪▪▪ ▪▪▪▪ ▪▪▪▪▪ ▪▪▪▪▪▪▪ ▪▪ ▪▪▪▪ ▪▪▪▪▪▪ ▪▪▪ ▪▪▪▪▪ ▪▪▪▪ ▪▪ ▪▪▪▪▪▪▪ ▪▪▪ ▪▪▪▪ ▪▪▪▪▪▪ ▪▪ ▪▪▪▪▪ ▪▪▪ ▪▪▪▪▪▪ ▪▪▪▪ ▪▪▪▪ ▪▪▪▪▪ ▪▪▪
Rada městská král. hlavního města Prahy,
dne 29. ledna 1897.
